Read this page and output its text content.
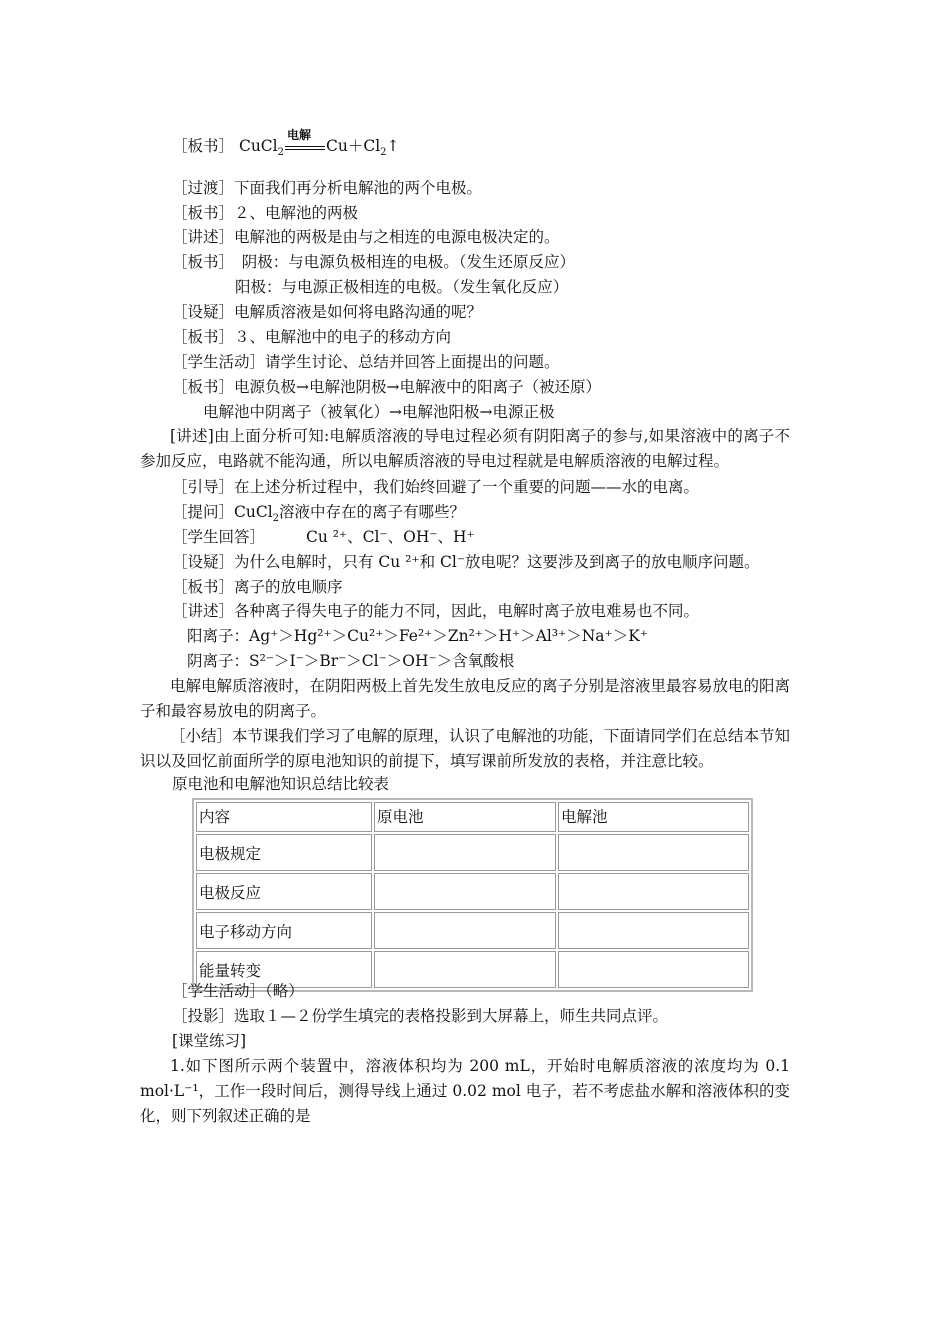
［板书］ CuCl$_2$
电解
$Cu+Cl_2↑$
［过渡］下面我们再分析电解池的两个电极。
［板书］２、电解池的两极
［讲述］电解池的两极是由与之相连的电源电极决定的。
［板书］　阴极：与电源负极相连的电极。（发生还原反应）
阳极：与电源正极相连的电极。（发生氧化反应）
［设疑］电解质溶液是如何将电路沟通的呢？
［板书］３、电解池中的电子的移动方向
［学生活动］请学生讨论、总结并回答上面提出的问题。
［板书］电源负极→电解池阴极→电解液中的阳离子（被还原）
电解池中阴离子（被氧化）→电解池阳极→电源正极
[讲述]由上面分析可知:电解质溶液的导电过程必须有阴阳离子的参与,如果溶液中的离子不参加反应，电路就不能沟通，所以电解质溶液的导电过程就是电解质溶液的电解过程。
［引导］在上述分析过程中，我们始终回避了一个重要的问题——水的电离。
［提问］CuCl$_2$溶液中存在的离子有哪些？
［学生回答］	Cu ²⁺、Cl⁻、OH⁻、H⁺
［设疑］为什么电解时，只有 Cu ²⁺和 Cl⁻放电呢？这要涉及到离子的放电顺序问题。
［板书］离子的放电顺序
［讲述］各种离子得失电子的能力不同，因此，电解时离子放电难易也不同。
阳离子：Ag⁺＞Hg²⁺＞Cu²⁺＞Fe²⁺＞Zn²⁺＞H⁺＞Al³⁺＞Na⁺＞K⁺
阴离子：S²⁻＞I⁻＞Br⁻＞Cl⁻＞OH⁻＞含氧酸根
电解电解质溶液时，在阴阳两极上首先发生放电反应的离子分别是溶液里最容易放电的阳离子和最容易放电的阴离子。
［小结］本节课我们学习了电解的原理，认识了电解池的功能，下面请同学们在总结本节知识以及回忆前面所学的原电池知识的前提下，填写课前所发放的表格，并注意比较。
原电池和电解池知识总结比较表
内容	原电池	电解池
电极规定		
电极反应		
电子移动方向		
能量转变		
［学生活动］（略）
［投影］选取１—２份学生填完的表格投影到大屏幕上，师生共同点评。
[课堂练习]
1.如下图所示两个装置中，溶液体积均为 200 mL，开始时电解质溶液的浓度均为 0.1 mol·L⁻¹，工作一段时间后，测得导线上通过 0.02 mol 电子，若不考虑盐水解和溶液体积的变化，则下列叙述正确的是
